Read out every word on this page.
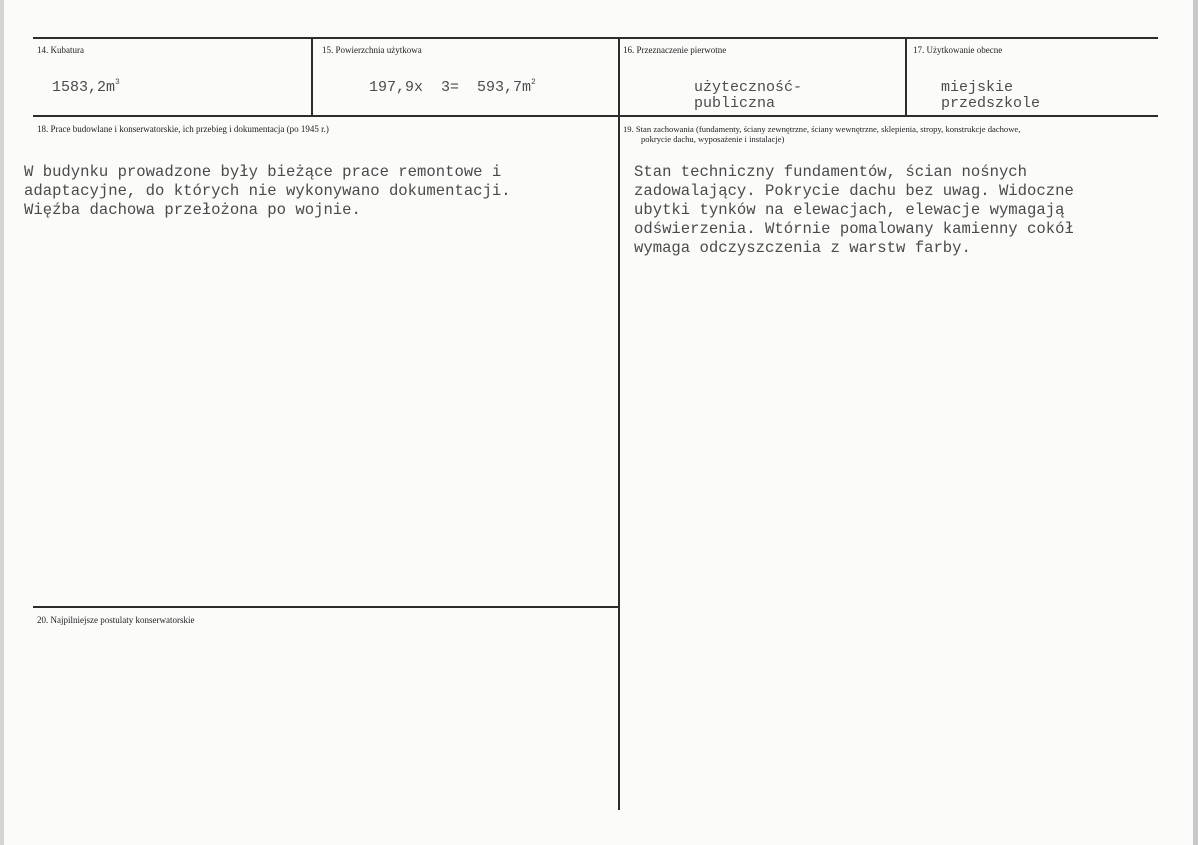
14. Kubatura
$1583,2m^3$
15. Powierzchnia użytkowa
197,9x  $3= 593,7m^2$
16. Przeznaczenie pierwotne
użyteczność-
publiczna
17. Użytkowanie obecne
miejskie
przedszkole
18. Prace budowlane i konserwatorskie, ich przebieg i dokumentacja (po 1945 r.)
W budynku prowadzone były bieżące prace remontowe i
adaptacyjne, do których nie wykonywano dokumentacji.
Więźba dachowa przełożona po wojnie.
19. Stan zachowania (fundamenty, ściany zewnętrzne, ściany wewnętrzne, sklepienia, stropy, konstrukcje dachowe,
pokrycie dachu, wyposażenie i instalacje)
Stan techniczny fundamentów, ścian nośnych
zadowalający. Pokrycie dachu bez uwag. Widoczne
ubytki tynków na elewacjach, elewacje wymagają
odświerzenia. Wtórnie pomalowany kamienny cokół
wymaga odczyszczenia z warstw farby.
20. Najpilniejsze postulaty konserwatorskie
